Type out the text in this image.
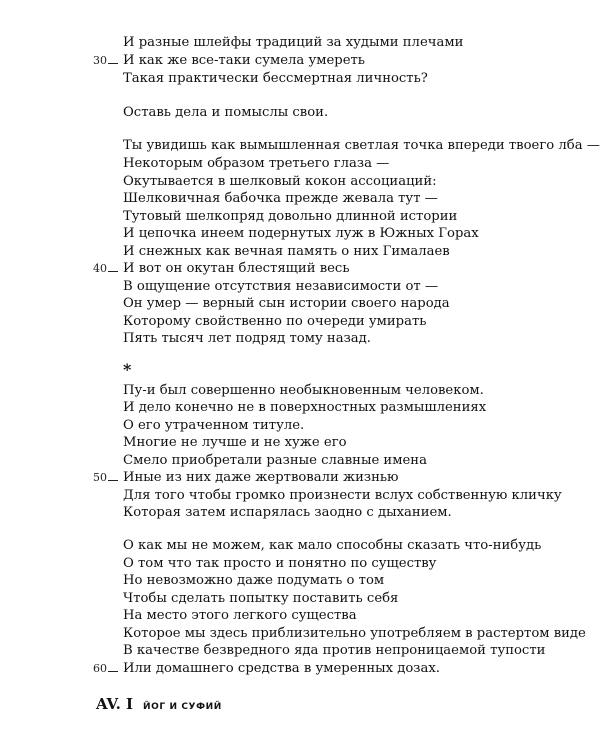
И разные шлейфы традиций за худыми плечами
30	И как же все-таки сумела умереть
Такая практически бессмертная личность?
Оставь дела и помыслы свои.
Ты увидишь как вымышленная светлая точка впереди твоего лба —
Некоторым образом третьего глаза —
Окутывается в шелковый кокон ассоциаций:
Шелковичная бабочка прежде жевала тут —
Тутовый шелкопряд довольно длинной истории
И цепочка инеем подернутых луж в Южных Горах
И снежных как вечная память о них Гималаев
40	И вот он окутан блестящий весь
В ощущение отсутствия независимости от —
Он умер — верный сын истории своего народа
Которому свойственно по очереди умирать
Пять тысяч лет подряд тому назад.
*
Пу-и был совершенно необыкновенным человеком.
И дело конечно не в поверхностных размышлениях
О его утраченном титуле.
Многие не лучше и не хуже его
Смело приобретали разные славные имена
50	Иные из них даже жертвовали жизнью
Для того чтобы громко произнести вслух собственную кличку
Которая затем испарялась заодно с дыханием.
О как мы не можем, как мало способны сказать что-нибудь
О том что так просто и понятно по существу
Но невозможно даже подумать о том
Чтобы сделать попытку поставить себя
На место этого легкого существа
Которое мы здесь приблизительно употребляем в растертом виде
В качестве безвредного яда против непроницаемой тупости
60	Или домашнего средства в умеренных дозах.
AV. I ЙОГ И СУФИЙ
